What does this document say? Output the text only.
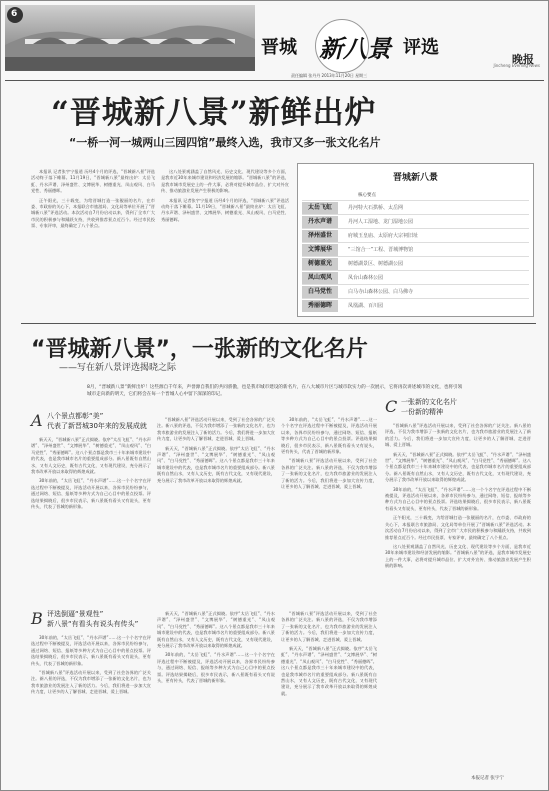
6
晋城 新八景 评选
晚报
Jincheng Evening News
责任编辑 张丹丹 2013年11月20日 星期三
“晋城新八景”新鲜出炉
“一桥一河一城两山三园四馆”最终入选，我市又多一张文化名片

本报讯 记者张宇宁报道 历经4个月的评选，“晋城新八景”评选活动终于落下帷幕。11月19日，“晋城新八景”最终出炉：太岳飞虹、丹水声谱、泽州盛世、文博展华、树德重光、凤山观风、白马党性、秀丽德晖。

正午阳光，三十载变，为给晋城打造一张靓丽的名片，在市委、市政府的关心下，本报联合市旅游局、文化局等单位开展了“晋城新八景”评选活动。本次活动自7月份启动以来，得到了全市广大市民的积极参与和踊跃支持，共收到推荐景点近百个。经过市民投票、专家评审，最终确定了八个景点。

这八处景观涵盖了自然风光、历史文化、现代建设等多个方面，是我市近30年来城市建设和经济发展的缩影。“晋城新八景”的评选，是我市城市发展史上的一件大事，必将对提升城市品位、扩大对外宣传、推动旅游业发展产生积极的影响。

本报讯 记者张宇宁报道 历经4个月的评选，“晋城新八景”评选活动终于落下帷幕。11月19日，“晋城新八景”最终出炉：太岳飞虹、丹水声谱、泽州盛世、文博展华、树德重光、凤山观风、白马党性、秀丽德晖。

晋城新八景
核心要点
太岳飞虹	丹河特大石拱桥、太岳网
丹水声谱	丹河人工湿地、龙门湿地公园
泽州盛世	府城玉皇庙、太原府大宗祠旧址
文博展华	“三馆合一”工程、晋城博物馆
树德重光	树德湖景区、树德湖公园
凤山观风	凤台山森林公园
白马党性	白马寺山森林公园、白马佛寺
秀丽德晖	凤凰湖、百川园
“晋城新八景”，一张新的文化名片
——写在新八景评选揭晓之际
8月，“晋城新八景”新鲜出炉！这些源自千年来，声誉源自我们的共同骄傲，也是我市城市建设的新名片，在八大城市片区与城市软实力的一次展示，它将再次讲述城市的文化，也将引领城市走向新的明天，它们将会在每一个晋城人心中留下深深的印记。
A 八个景点都彰“美”
代表了新晋城30年来的发展成就

新天天，“晋城新八景”正式揭晓。依序“太岳飞虹”、“丹水声谱”、“泽州盛世”、“文博展华”、“树德重光”、“凤山观风”、“白马党性”、“秀丽德晖”。这八个景点都是我市三十年来城市建设中的代表，也是我市城市名片的重要组成部分。新八景既有自然山水，又有人文历史，既有古代文化，又有现代建设，充分展示了我市改革开放以来取得的辉煌成就。

30年前的，“太岳飞虹”、“丹水声谱”……这一个个名字在评选过程中不断被提及，评选活动开展以来，各界市民纷纷参与，通过网络、短信、报纸等多种方式为自己心目中的景点投票。评选结果揭晓后，很多市民表示，新八景既有看头又有说头，更有传头，代表了晋城的新形象。

“晋城新八景”评选活动开展以来，受到了社会各界的广泛关注。新八景的评选，不仅为我市增添了一张新的文化名片，也为我市旅游业的发展注入了新的活力。今后，我们将进一步加大宣传力度，让更多的人了解晋城、走进晋城、爱上晋城。

新天天，“晋城新八景”正式揭晓。依序“太岳飞虹”、“丹水声谱”、“泽州盛世”、“文博展华”、“树德重光”、“凤山观风”、“白马党性”、“秀丽德晖”。这八个景点都是我市三十年来城市建设中的代表，也是我市城市名片的重要组成部分。新八景既有自然山水，又有人文历史，既有古代文化，又有现代建设，充分展示了我市改革开放以来取得的辉煌成就。

30年前的，“太岳飞虹”、“丹水声谱”……这一个个名字在评选过程中不断被提及，评选活动开展以来，各界市民纷纷参与，通过网络、短信、报纸等多种方式为自己心目中的景点投票。评选结果揭晓后，很多市民表示，新八景既有看头又有说头，更有传头，代表了晋城的新形象。

“晋城新八景”评选活动开展以来，受到了社会各界的广泛关注。新八景的评选，不仅为我市增添了一张新的文化名片，也为我市旅游业的发展注入了新的活力。今后，我们将进一步加大宣传力度，让更多的人了解晋城、走进晋城、爱上晋城。

B 评选倒逼“景观性”
新八景“有看头有说头有传头”

30年前的，“太岳飞虹”、“丹水声谱”……这一个个名字在评选过程中不断被提及，评选活动开展以来，各界市民纷纷参与，通过网络、短信、报纸等多种方式为自己心目中的景点投票。评选结果揭晓后，很多市民表示，新八景既有看头又有说头，更有传头，代表了晋城的新形象。

“晋城新八景”评选活动开展以来，受到了社会各界的广泛关注。新八景的评选，不仅为我市增添了一张新的文化名片，也为我市旅游业的发展注入了新的活力。今后，我们将进一步加大宣传力度，让更多的人了解晋城、走进晋城、爱上晋城。

新天天，“晋城新八景”正式揭晓。依序“太岳飞虹”、“丹水声谱”、“泽州盛世”、“文博展华”、“树德重光”、“凤山观风”、“白马党性”、“秀丽德晖”。这八个景点都是我市三十年来城市建设中的代表，也是我市城市名片的重要组成部分。新八景既有自然山水，又有人文历史，既有古代文化，又有现代建设，充分展示了我市改革开放以来取得的辉煌成就。

30年前的，“太岳飞虹”、“丹水声谱”……这一个个名字在评选过程中不断被提及，评选活动开展以来，各界市民纷纷参与，通过网络、短信、报纸等多种方式为自己心目中的景点投票。评选结果揭晓后，很多市民表示，新八景既有看头又有说头，更有传头，代表了晋城的新形象。

“晋城新八景”评选活动开展以来，受到了社会各界的广泛关注。新八景的评选，不仅为我市增添了一张新的文化名片，也为我市旅游业的发展注入了新的活力。今后，我们将进一步加大宣传力度，让更多的人了解晋城、走进晋城、爱上晋城。

新天天，“晋城新八景”正式揭晓。依序“太岳飞虹”、“丹水声谱”、“泽州盛世”、“文博展华”、“树德重光”、“凤山观风”、“白马党性”、“秀丽德晖”。这八个景点都是我市三十年来城市建设中的代表，也是我市城市名片的重要组成部分。新八景既有自然山水，又有人文历史，既有古代文化，又有现代建设，充分展示了我市改革开放以来取得的辉煌成就。

C 一张新的文化名片
一份新的精神

“晋城新八景”评选活动开展以来，受到了社会各界的广泛关注。新八景的评选，不仅为我市增添了一张新的文化名片，也为我市旅游业的发展注入了新的活力。今后，我们将进一步加大宣传力度，让更多的人了解晋城、走进晋城、爱上晋城。

新天天，“晋城新八景”正式揭晓。依序“太岳飞虹”、“丹水声谱”、“泽州盛世”、“文博展华”、“树德重光”、“凤山观风”、“白马党性”、“秀丽德晖”。这八个景点都是我市三十年来城市建设中的代表，也是我市城市名片的重要组成部分。新八景既有自然山水，又有人文历史，既有古代文化，又有现代建设，充分展示了我市改革开放以来取得的辉煌成就。

30年前的，“太岳飞虹”、“丹水声谱”……这一个个名字在评选过程中不断被提及，评选活动开展以来，各界市民纷纷参与，通过网络、短信、报纸等多种方式为自己心目中的景点投票。评选结果揭晓后，很多市民表示，新八景既有看头又有说头，更有传头，代表了晋城的新形象。

正午阳光，三十载变，为给晋城打造一张靓丽的名片，在市委、市政府的关心下，本报联合市旅游局、文化局等单位开展了“晋城新八景”评选活动。本次活动自7月份启动以来，得到了全市广大市民的积极参与和踊跃支持，共收到推荐景点近百个。经过市民投票、专家评审，最终确定了八个景点。

这八处景观涵盖了自然风光、历史文化、现代建设等多个方面，是我市近30年来城市建设和经济发展的缩影。“晋城新八景”的评选，是我市城市发展史上的一件大事，必将对提升城市品位、扩大对外宣传、推动旅游业发展产生积极的影响。

本报记者 张宇宁
